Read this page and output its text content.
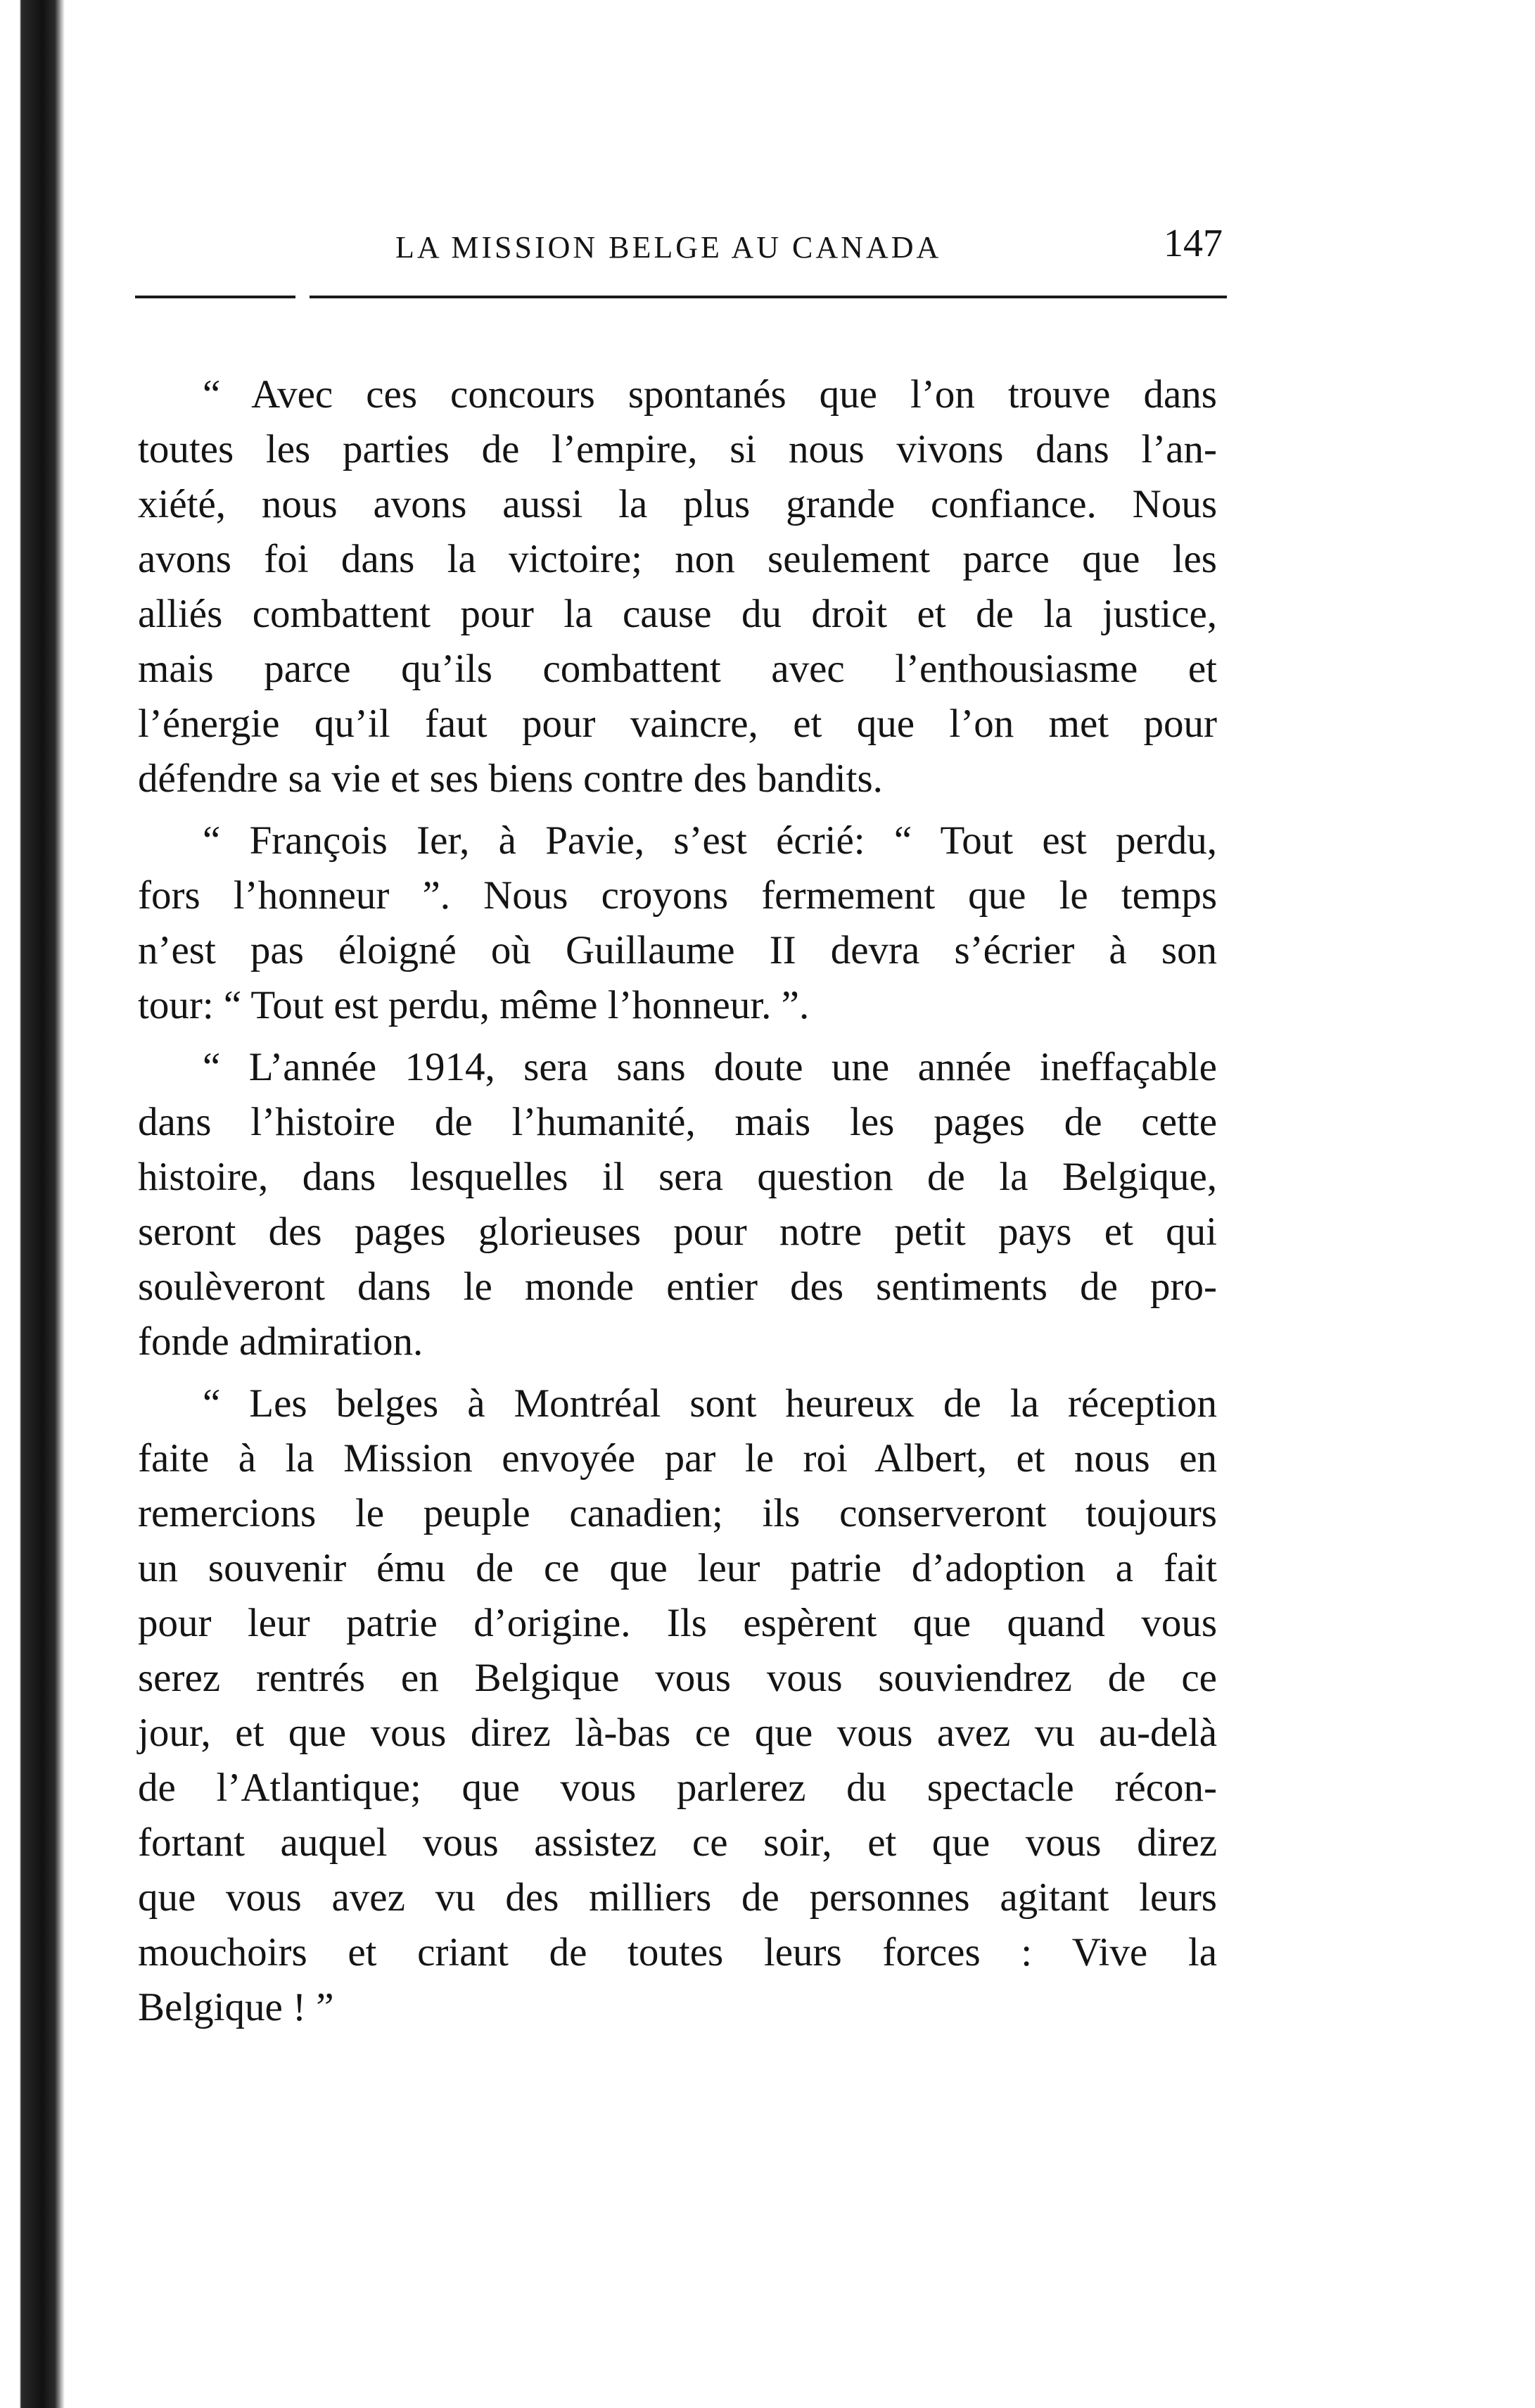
LA MISSION BELGE AU CANADA	147
“ Avec ces concours spontanés que l’on trouve dans
toutes les parties de l’empire, si nous vivons dans l’an-
xiété, nous avons aussi la plus grande confiance. Nous
avons foi dans la victoire; non seulement parce que les
alliés combattent pour la cause du droit et de la justice,
mais parce qu’ils combattent avec l’enthousiasme et
l’énergie qu’il faut pour vaincre, et que l’on met pour
défendre sa vie et ses biens contre des bandits.
“ François Ier, à Pavie, s’est écrié: “ Tout est perdu,
fors l’honneur ”. Nous croyons fermement que le temps
n’est pas éloigné où Guillaume II devra s’écrier à son
tour: “ Tout est perdu, même l’honneur. ”.
“ L’année 1914, sera sans doute une année ineffaçable
dans l’histoire de l’humanité, mais les pages de cette
histoire, dans lesquelles il sera question de la Belgique,
seront des pages glorieuses pour notre petit pays et qui
soulèveront dans le monde entier des sentiments de pro-
fonde admiration.
“ Les belges à Montréal sont heureux de la réception
faite à la Mission envoyée par le roi Albert, et nous en
remercions le peuple canadien; ils conserveront toujours
un souvenir ému de ce que leur patrie d’adoption a fait
pour leur patrie d’origine. Ils espèrent que quand vous
serez rentrés en Belgique vous vous souviendrez de ce
jour, et que vous direz là-bas ce que vous avez vu au-delà
de l’Atlantique; que vous parlerez du spectacle récon-
fortant auquel vous assistez ce soir, et que vous direz
que vous avez vu des milliers de personnes agitant leurs
mouchoirs et criant de toutes leurs forces : Vive la
Belgique ! ”
